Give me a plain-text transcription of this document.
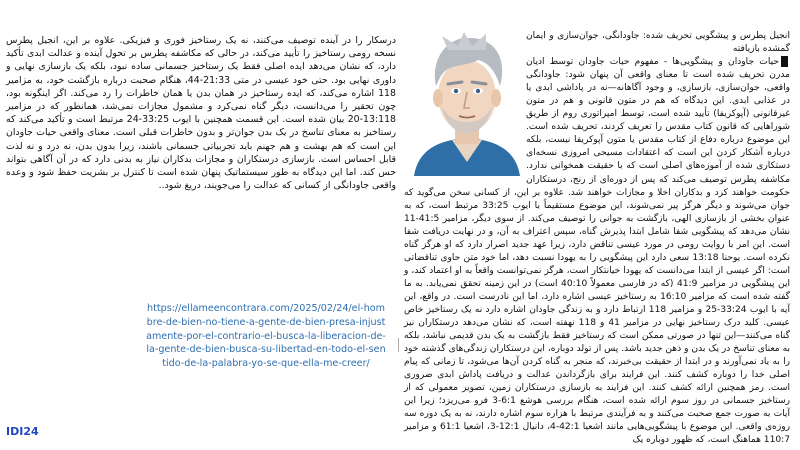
درسکار را در آینده توصیف می‌کنند، نه یک رستاخیز فوری و فیزیکی. علاوه بر این، انجیل پطرس نسخه رومی رستاخیز را تأیید می‌کند، در حالی که مکاشفه پطرس بر تحول آینده و عدالت ابدی تأکید دارد، که نشان می‌دهد ایده اصلی فقط یک رستاخیز جسمانی ساده نبود، بلکه یک بازسازی نهایی و داوری نهایی بود. حتی خود عیسی در متی 21:33-44، هنگام صحبت درباره بازگشت خود، به مزامیر 118 اشاره می‌کند، که ایده رستاخیز در همان بدن یا همان خاطرات را رد می‌کند. اگر اینگونه بود، چون تحقیر را می‌دانست، دیگر گناه نمی‌کرد و مشمول مجازات نمی‌شد، همانطور که در مزامیر 13:118-20 بیان شده است. این قسمت همچنین با ایوب 33:25-24 مرتبط است و تأکید می‌کند که رستاخیز به معنای تناسخ در یک بدن جوان‌تر و بدون خاطرات قبلی است. معنای واقعی حیات جاودان این است که هم بهشت و هم جهنم باید تجربیاتی جسمانی باشند، زیرا بدون بدن، نه درد و نه لذت قابل احساس است. بازسازی درستکاران و مجازات بدکاران نیاز به بدنی دارد که در آن آگاهی بتواند حس کند. اما این دیدگاه به طور سیستماتیک پنهان شده است تا کنترل بر بشریت حفظ شود و وعده واقعی جاودانگی از کسانی که عدالت را می‌جویند، دریغ شود..

https://ellameencontrara.com/2025/02/24/el-hombre-de-bien-no-tiene-a-gente-de-bien-presa-injustamente-por-el-contrario-el-busca-la-liberacion-de-la-gente-de-bien-busca-su-libertad-en-todo-el-sentido-de-la-palabra-yo-se-que-ella-me-creer/
IDI24

انجیل پطرس و پیشگویی تحریف شده: جاودانگی، جوان‌سازی و ایمان گمشده بازیافته

حیات جاودان و پیشگویی‌ها - مفهوم حیات جاودان توسط ادیان مدرن تحریف شده است تا معنای واقعی آن پنهان شود: جاودانگی واقعی، جوان‌سازی، بازسازی، و وجود آگاهانه—نه در پاداشی ابدی یا در عذابی ابدی. این دیدگاه که هم در متون قانونی و هم در متون غیرقانونی (آپوکریفا) تأیید شده است، توسط امپراتوری روم از طریق شوراهایی که قانون کتاب مقدس را تعریف کردند، تحریف شده است. این موضوع درباره دفاع از کتاب مقدس یا متون آپوکریفا نیست، بلکه درباره آشکار کردن این است که اعتقادات مسیحی امروزی نسخه‌ای دستکاری شده از آموزه‌های اصلی است که با حقیقت همخوانی ندارد. مکاشفه پطرس توصیف می‌کند که پس از دوره‌ای از رنج، درستکاران حکومت خواهند کرد و بدکاران اخلا و مجازات خواهند شد. علاوه بر این، از کسانی سخن می‌گوید که جوان می‌شوند و دیگر هرگز پیر نمی‌شوند، این موضوع مستقیماً با ایوب 33:25 مرتبط است، که به عنوان بخشی از بازسازی الهی، بازگشت به جوانی را توصیف می‌کند. از سوی دیگر، مزامیر 41:5-11 نشان می‌دهد که پیشگویی شفا شامل ابتدا پذیرش گناه، سپس اعتراف به آن، و در نهایت دریافت شفا است. این امر با روایت رومی در مورد عیسی تناقض دارد، زیرا عهد جدید اصرار دارد که او هرگز گناه نکرده است. یوحنا 13:18 سعی دارد این پیشگویی را به یهودا نسبت دهد، اما خود متن حاوی تناقضاتی است: اگر عیسی از ابتدا می‌دانست که یهودا خیانتکار است، هرگز نمی‌توانست واقعاً به او اعتماد کند، و این پیشگویی در مزامیر 41:9 (که در فارسی معمولاً 40:10 است) در این زمینه تحقق نمی‌یابد. به ما گفته شده است که مزامیر 16:10 به رستاخیز عیسی اشاره دارد، اما این نادرست است. در واقع، این آیه با ایوب 33:24-25 و مزامیر 118 ارتباط دارد و به زندگی جاودان اشاره دارد نه یک رستاخیز خاص عیسی. کلید درک رستاخیز نهایی در مزامیر 41 و 118 نهفته است، که نشان می‌دهد درستکاران نیز گناه می‌کنند—این تنها در صورتی ممکن است که رستاخیز فقط بازگشت به یک بدن قدیمی نباشد، بلکه به معنای تناسخ در یک بدن و ذهن جدید باشد. پس از تولد دوباره، این درستکاران زندگی‌های گذشته خود را به یاد نمی‌آورند و در ابتدا از حقیقت بی‌خبرند، که منجر به گناه کردن آن‌ها می‌شود، تا زمانی که پیام اصلی خدا را دوباره کشف کنند. این فرایند برای بازگرداندن عدالت و دریافت پاداش ابدی ضروری است. رمز همچنین ارائه کشف کنند. این فرایند به بازسازی درستکاران زمین، تصویر معمولی که از رستاخیز جسمانی در روز سوم ارائه شده است، هنگام بررسی هوشع 6:1-3 فرو می‌ریزد؛ زیرا این آیات به صورت جمع صحبت می‌کنند و به فرآیندی مرتبط با هزاره سوم اشاره دارند، نه به یک دوره سه روزه‌ی واقعی. این موضوع با پیشگویی‌هایی مانند اشعیا 42:1-4، دانیال 12:1-3، اشعیا 61:1 و مزامیر 110:7 هماهنگ است، که ظهور دوباره یک
